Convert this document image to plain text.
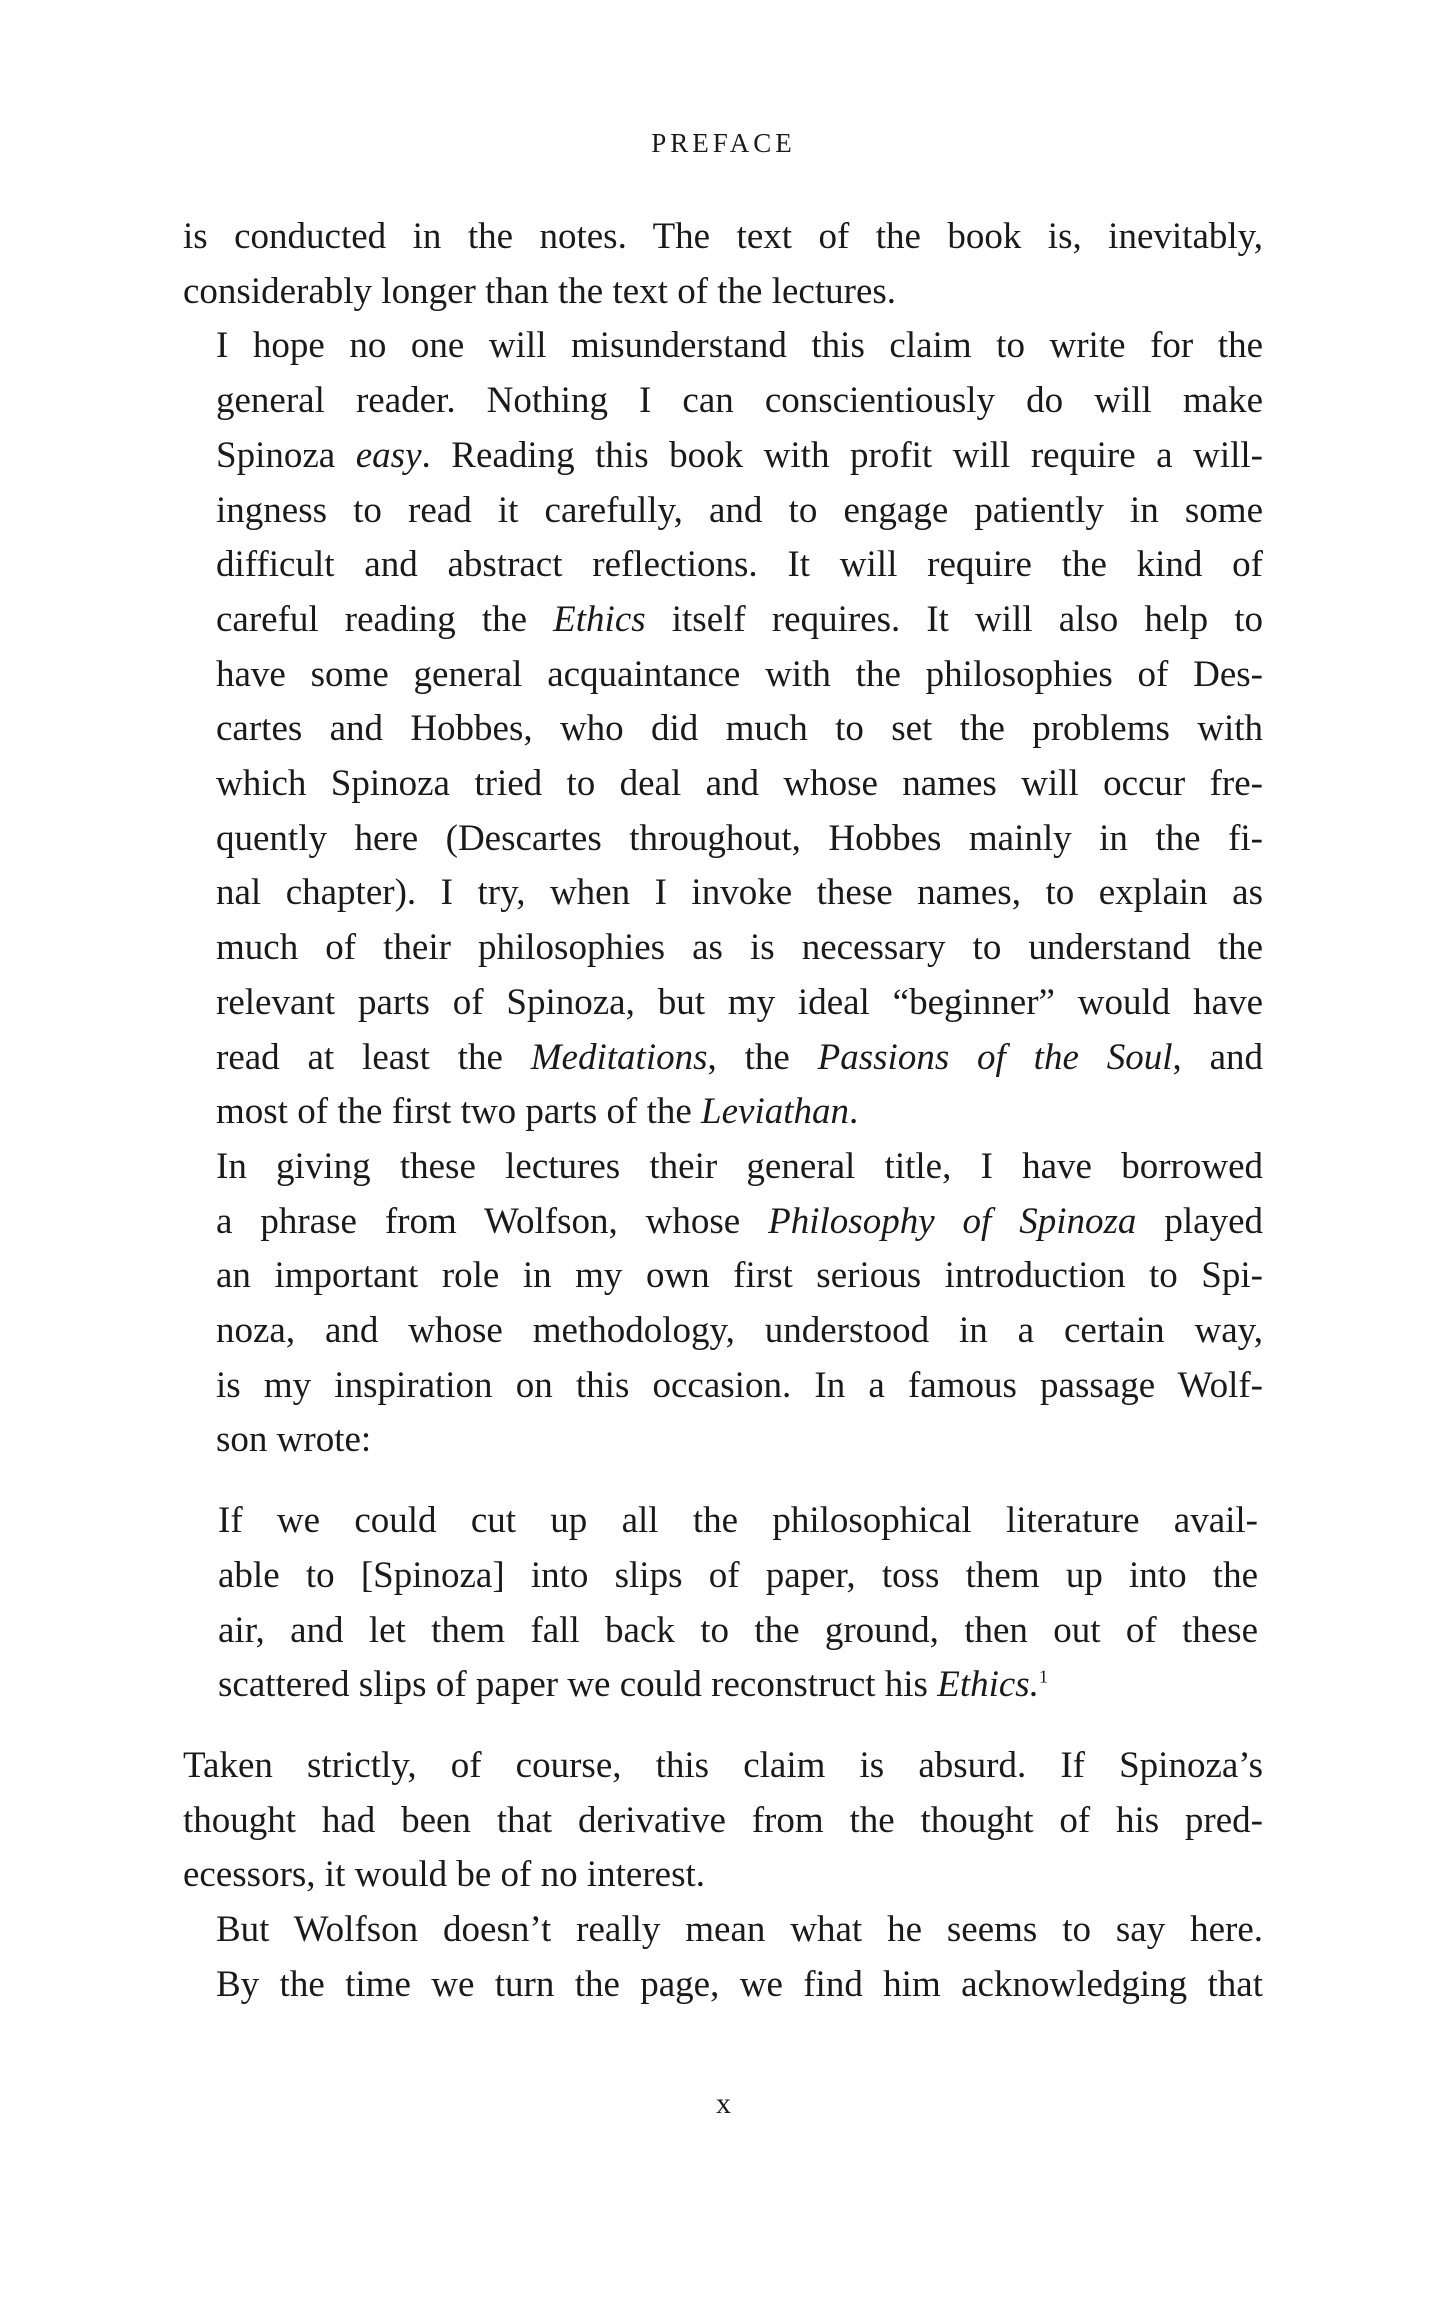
PREFACE

is conducted in the notes. The text of the book is, inevitably,
considerably longer than the text of the lectures.

I hope no one will misunderstand this claim to write for the
general reader. Nothing I can conscientiously do will make
Spinoza easy. Reading this book with profit will require a will-
ingness to read it carefully, and to engage patiently in some
difficult and abstract reflections. It will require the kind of
careful reading the Ethics itself requires. It will also help to
have some general acquaintance with the philosophies of Des-
cartes and Hobbes, who did much to set the problems with
which Spinoza tried to deal and whose names will occur fre-
quently here (Descartes throughout, Hobbes mainly in the fi-
nal chapter). I try, when I invoke these names, to explain as
much of their philosophies as is necessary to understand the
relevant parts of Spinoza, but my ideal “beginner” would have
read at least the Meditations, the Passions of the Soul, and
most of the first two parts of the Leviathan.

In giving these lectures their general title, I have borrowed
a phrase from Wolfson, whose Philosophy of Spinoza played
an important role in my own first serious introduction to Spi-
noza, and whose methodology, understood in a certain way,
is my inspiration on this occasion. In a famous passage Wolf-
son wrote:

If we could cut up all the philosophical literature avail-
able to [Spinoza] into slips of paper, toss them up into the
air, and let them fall back to the ground, then out of these
scattered slips of paper we could reconstruct his Ethics.$^1$

Taken strictly, of course, this claim is absurd. If Spinoza’s
thought had been that derivative from the thought of his pred-
ecessors, it would be of no interest.

But Wolfson doesn’t really mean what he seems to say here.
By the time we turn the page, we find him acknowledging that

x
